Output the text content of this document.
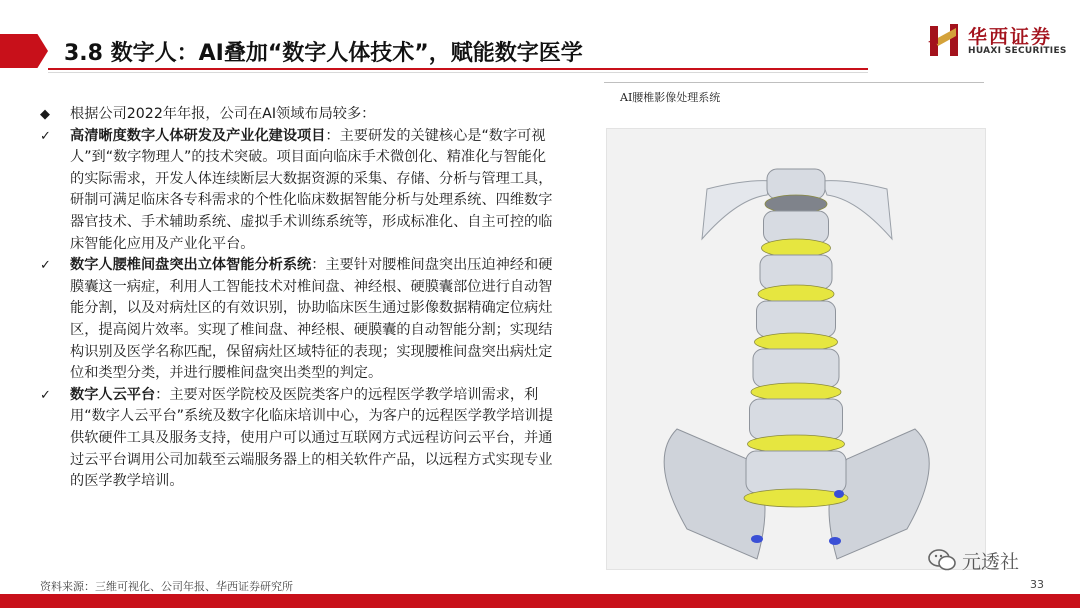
3.8 数字人：AI叠加“数字人体技术”，赋能数字医学
华西证券
HUAXI SECURITIES
◆	根据公司2022年年报，公司在AI领域布局较多：
✓	高清晰度数字人体研发及产业化建设项目：主要研发的关键核心是“数字可视人”到“数字物理人”的技术突破。项目面向临床手术微创化、精准化与智能化的实际需求，开发人体连续断层大数据资源的采集、存储、分析与管理工具，研制可满足临床各专科需求的个性化临床数据智能分析与处理系统、四维数字器官技术、手术辅助系统、虚拟手术训练系统等，形成标准化、自主可控的临床智能化应用及产业化平台。
✓	数字人腰椎间盘突出立体智能分析系统：主要针对腰椎间盘突出压迫神经和硬膜囊这一病症，利用人工智能技术对椎间盘、神经根、硬膜囊部位进行自动智能分割，以及对病灶区的有效识别，协助临床医生通过影像数据精确定位病灶区，提高阅片效率。实现了椎间盘、神经根、硬膜囊的自动智能分割；实现结构识别及医学名称匹配，保留病灶区域特征的表现；实现腰椎间盘突出病灶定位和类型分类，并进行腰椎间盘突出类型的判定。
✓	数字人云平台：主要对医学院校及医院类客户的远程医学教学培训需求，利用“数字人云平台”系统及数字化临床培训中心，为客户的远程医学教学培训提供软硬件工具及服务支持，使用户可以通过互联网方式远程访问云平台，并通过云平台调用公司加载至云端服务器上的相关软件产品，以远程方式实现专业的医学教学培训。
AI腰椎影像处理系统
资料来源：三维可视化、公司年报、华西证券研究所
元透社
33
